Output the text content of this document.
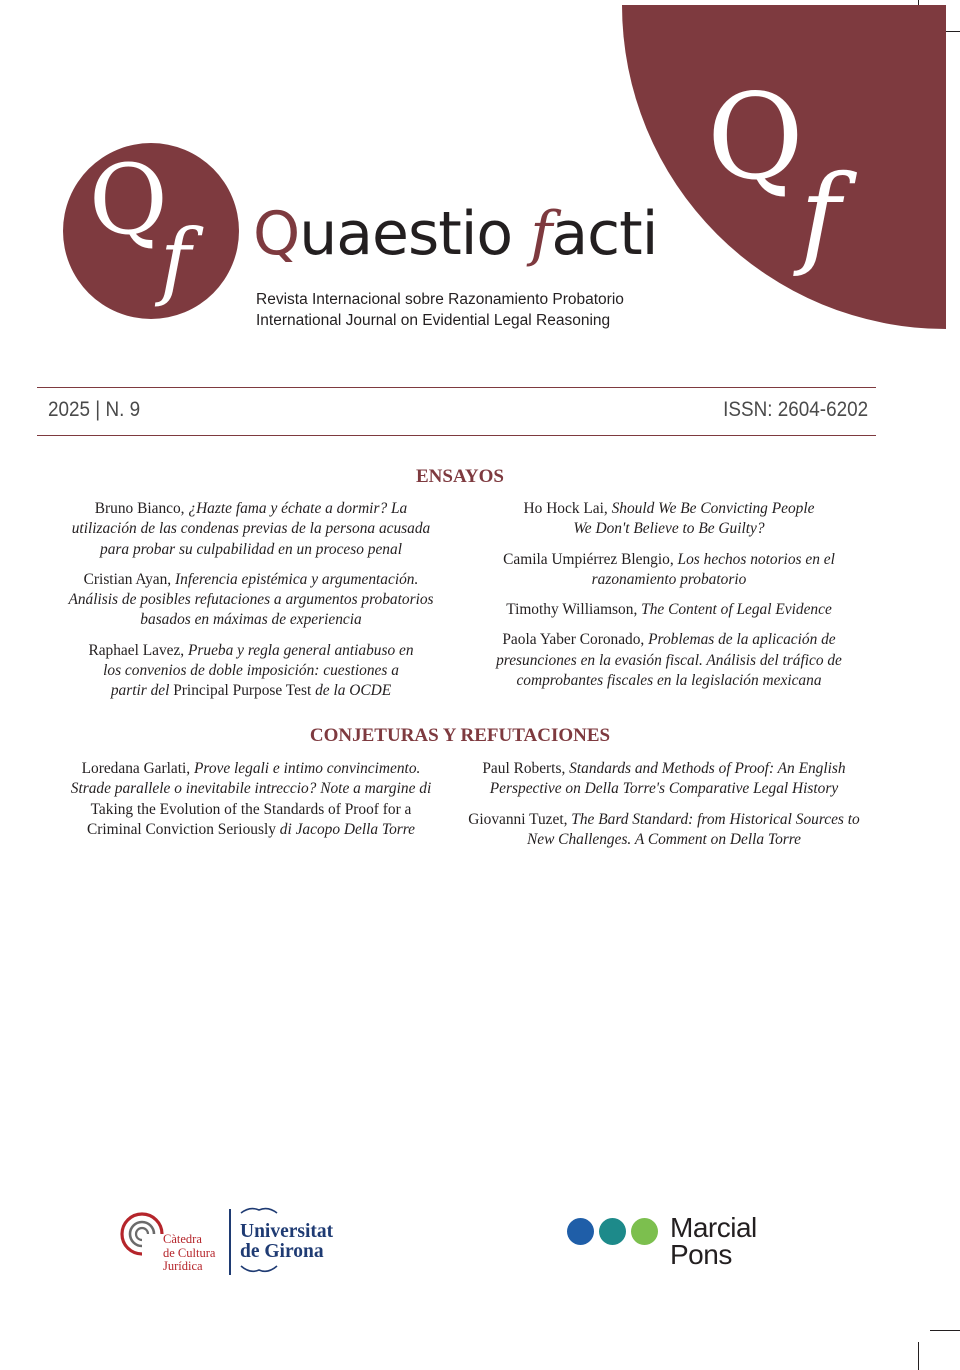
Q
f
Q
f Quaestio facti
Revista Internacional sobre Razonamiento Probatorio
International Journal on Evidential Legal Reasoning
2025 | N. 9	ISSN: 2604-6202
ENSAYOS
Bruno Bianco, ¿Hazte fama y échate a dormir? La utilización de las condenas previas de la persona acusada para probar su culpabilidad en un proceso penal
Cristian Ayan, Inferencia epistémica y argumentación. Análisis de posibles refutaciones a argumentos probatorios basados en máximas de experiencia
Raphael Lavez, Prueba y regla general antiabuso en los convenios de doble imposición: cuestiones a partir del Principal Purpose Test de la OCDE
Ho Hock Lai, Should We Be Convicting People We Don't Believe to Be Guilty?
Camila Umpiérrez Blengio, Los hechos notorios en el razonamiento probatorio
Timothy Williamson, The Content of Legal Evidence
Paola Yaber Coronado, Problemas de la aplicación de presunciones en la evasión fiscal. Análisis del tráfico de comprobantes fiscales en la legislación mexicana
CONJETURAS Y REFUTACIONES
Loredana Garlati, Prove legali e intimo convincimento. Strade parallele o inevitabile intreccio? Note a margine di Taking the Evolution of the Standards of Proof for a Criminal Conviction Seriously di Jacopo Della Torre
Paul Roberts, Standards and Methods of Proof: An English Perspective on Della Torre's Comparative Legal History
Giovanni Tuzet, The Bard Standard: from Historical Sources to New Challenges. A Comment on Della Torre
Càtedra
de Cultura
Jurídica
Universitat
de Girona
Marcial
Pons
